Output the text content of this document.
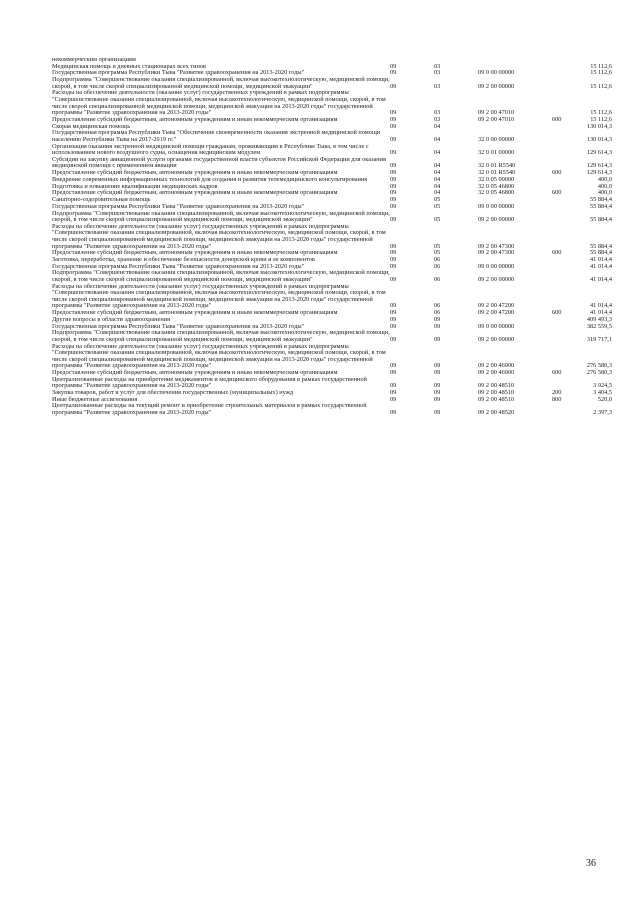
некоммерческим организациям					
Медицинская помощь в дневных стационарах всех типов	09	03			15 112,6
Государственная программа Республики Тыва "Развитие здравоохранения на 2013-2020 годы"	09	03	09 0 00 00000		15 112,6
Подпрограмма "Совершенствование оказания специализированной, включая высокотехнологическую, медицинской помощи, скорой, в том числе скорой специализированной медицинской помощи, медицинской эвакуации"	09	03	09 2 00 00000		15 112,6
Расходы на обеспечение деятельности (оказание услуг) государственных учреждений в рамках подпрограммы "Совершенствование оказания специализированной, включая высокотехнологическую, медицинской помощи, скорой, в том числе скорой специализированной медицинской помощи, медицинской эвакуации на 2013-2020 годы" государственной программы "Развитие здравоохранения на 2013-2020 годы"	09	03	09 2 00 47010		15 112,6
Предоставление субсидий бюджетным, автономным учреждениям и иным некоммерческим организациям	09	03	09 2 00 47010	600	15 112,6
Скорая медицинская помощь	09	04			130 014,3
Государственная программа Республики Тыва "Обеспечение своевременности оказания экстренной медицинской помощи населению Республики Тыва на 2017-2019 гг."	09	04	32 0 00 00000		130 014,3
Организация оказания экстренной медицинской помощи гражданам, проживающим в Республике Тыва, в том числе с использованием нового воздушного судна, оснащения медицинским модулем	09	04	32 0 01 00000		129 614,3
Субсидии на закупку авиационной услуги органами государственной власти субъектов Российской Федерации для оказания медицинской помощи с применением авиации	09	04	32 0 01 R5540		129 614,3
Предоставление субсидий бюджетным, автономным учреждениям и иным некоммерческим организациям	09	04	32 0 01 R5540	600	129 614,3
Внедрение современных информационных технологий для создания и развития телемедицинского консультирования	09	04	32 0 05 00000		400,0
Подготовка и повышение квалификации медицинских кадров	09	04	32 0 05 46800		400,0
Предоставление субсидий бюджетным, автономным учреждениям и иным некоммерческим организациям	09	04	32 0 05 46800	600	400,0
Санаторно-оздоровительная помощь	09	05			55 884,4
Государственная программа Республики Тыва "Развитие здравоохранения на 2013-2020 годы"	09	05	09 0 00 00000		55 884,4
Подпрограмма "Совершенствование оказания специализированной, включая высокотехнологическую, медицинской помощи, скорой, в том числе скорой специализированной медицинской помощи, медицинской эвакуации"	09	05	09 2 00 00000		55 884,4
Расходы на обеспечение деятельности (оказание услуг) государственных учреждений в рамках подпрограммы "Совершенствование оказания специализированной, включая высокотехнологическую, медицинской помощи, скорой, в том числе скорой специализированной медицинской помощи, медицинской эвакуации на 2013-2020 годы" государственной программы "Развитие здравоохранения на 2013-2020 годы"	09	05	09 2 00 47300		55 884,4
Предоставление субсидий бюджетным, автономным учреждениям и иным некоммерческим организациям	09	05	09 2 00 47300	600	55 884,4
Заготовка, переработка, хранение и обеспечение безопасности донорской крови и ее компонентов	09	06			41 014,4
Государственная программа Республики Тыва "Развитие здравоохранения на 2013-2020 годы"	09	06	09 0 00 00000		41 014,4
Подпрограмма "Совершенствование оказания специализированной, включая высокотехнологическую, медицинской помощи, скорой, в том числе скорой специализированной медицинской помощи, медицинской эвакуации"	09	06	09 2 00 00000		41 014,4
Расходы на обеспечение деятельности (оказание услуг) государственных учреждений в рамках подпрограммы "Совершенствование оказания специализированной, включая высокотехнологическую, медицинской помощи, скорой, в том числе скорой специализированной медицинской помощи, медицинской эвакуации на 2013-2020 годы" государственной программы "Развитие здравоохранения на 2013-2020 годы"	09	06	09 2 00 47200		41 014,4
Предоставление субсидий бюджетным, автономным учреждениям и иным некоммерческим организациям	09	06	09 2 00 47200	600	41 014,4
Другие вопросы в области здравоохранения	09	09			409 493,3
Государственная программа Республики Тыва "Развитие здравоохранения на 2013-2020 годы"	09	09	09 0 00 00000		382 559,5
Подпрограмма "Совершенствование оказания специализированной, включая высокотехнологическую, медицинской помощи, скорой, в том числе скорой специализированной медицинской помощи, медицинской эвакуации"	09	09	09 2 00 00000		319 717,1
Расходы на обеспечение деятельности (оказание услуг) государственных учреждений в рамках подпрограммы "Совершенствование оказания специализированной, включая высокотехнологическую, медицинской помощи, скорой, в том числе скорой специализированной медицинской помощи, медицинской эвакуации на 2013-2020 годы" государственной программы "Развитие здравоохранения на 2013-2020 годы"	09	09	09 2 00 46900		276 580,3
Предоставление субсидий бюджетным, автономным учреждениям и иным некоммерческим организациям	09	09	09 2 00 46900	600	276 580,3
Централизованные расходы на приобретение медикаментов и медицинского оборудования в рамках государственной программы "Развитие здравоохранения на 2013-2020 годы"	09	09	09 2 00 48510		3 924,5
Закупка товаров, работ и услуг для обеспечения государственных (муниципальных) нужд	09	09	09 2 00 48510	200	3 404,5
Иные бюджетные ассигнования	09	09	09 2 00 48510	800	520,0
Централизованные расходы на текущий ремонт и приобретение строительных материалов в рамках государственной программы "Развитие здравоохранения на 2013-2020 годы"	09	09	09 2 00 48520		2 397,3
36
